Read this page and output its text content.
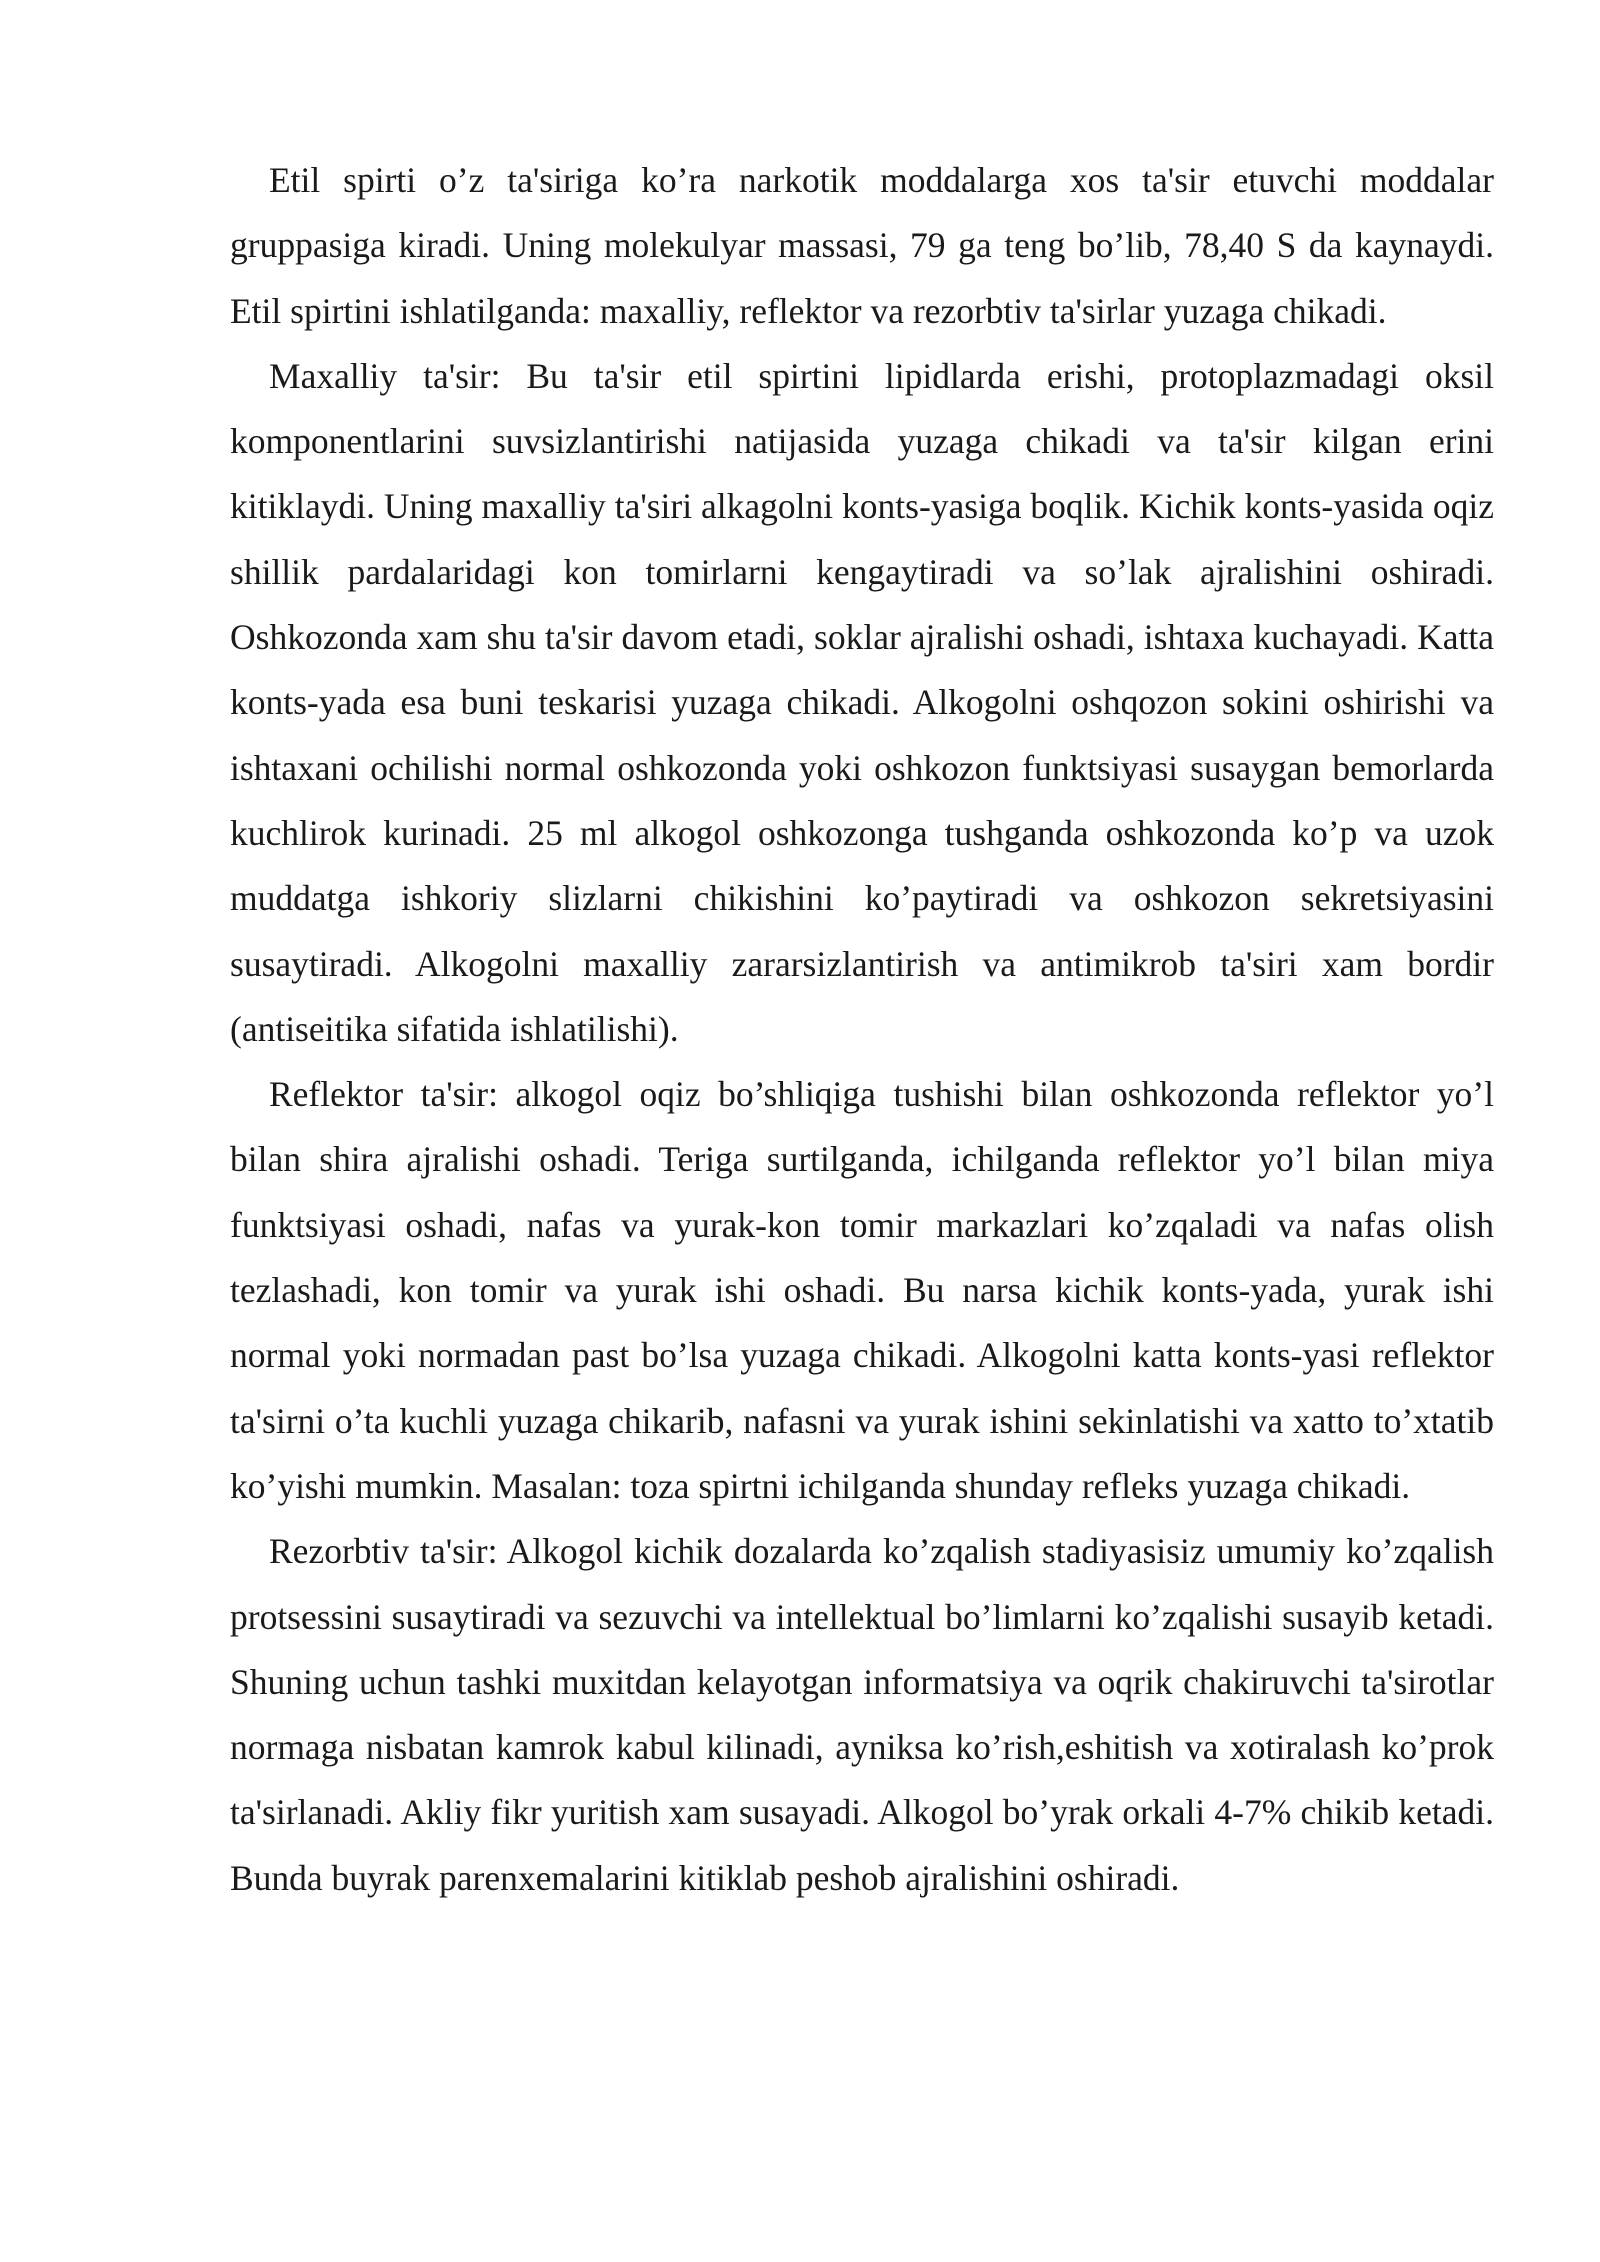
Etil spirti o’z ta'siriga ko’ra narkotik moddalarga xos ta'sir etuvchi moddalar gruppasiga kiradi. Uning molekulyar massasi, 79 ga teng bo’lib, 78,40 S da kaynaydi. Etil spirtini ishlatilganda: maxalliy, reflektor va rezorbtiv ta'sirlar yuzaga chikadi.

Maxalliy ta'sir: Bu ta'sir etil spirtini lipidlarda erishi, protoplazmadagi oksil komponentlarini suvsizlantirishi natijasida yuzaga chikadi va ta'sir kilgan erini kitiklaydi. Uning maxalliy ta'siri alkagolni konts-yasiga boqlik. Kichik konts-yasida oqiz shillik pardalaridagi kon tomirlarni kengaytiradi va so’lak ajralishini oshiradi. Oshkozonda xam shu ta'sir davom etadi, soklar ajralishi oshadi, ishtaxa kuchayadi. Katta konts-yada esa buni teskarisi yuzaga chikadi. Alkogolni oshqozon sokini oshirishi va ishtaxani ochilishi normal oshkozonda yoki oshkozon funktsiyasi susaygan bemorlarda kuchlirok kurinadi. 25 ml alkogol oshkozonga tushganda oshkozonda ko’p va uzok muddatga ishkoriy slizlarni chikishini ko’paytiradi va oshkozon sekretsiyasini susaytiradi. Alkogolni maxalliy zararsizlantirish va antimikrob ta'siri xam bordir (antiseitika sifatida ishlatilishi).

Reflektor ta'sir: alkogol oqiz bo’shliqiga tushishi bilan oshkozonda reflektor yo’l bilan shira ajralishi oshadi. Teriga surtilganda, ichilganda reflektor yo’l bilan miya funktsiyasi oshadi, nafas va yurak-kon tomir markazlari ko’zqaladi va nafas olish tezlashadi, kon tomir va yurak ishi oshadi. Bu narsa kichik konts-yada, yurak ishi normal yoki normadan past bo’lsa yuzaga chikadi. Alkogolni katta konts-yasi reflektor ta'sirni o’ta kuchli yuzaga chikarib, nafasni va yurak ishini sekinlatishi va xatto to’xtatib ko’yishi mumkin. Masalan: toza spirtni ichilganda shunday refleks yuzaga chikadi.

Rezorbtiv ta'sir: Alkogol kichik dozalarda ko’zqalish stadiyasisiz umumiy ko’zqalish protsessini susaytiradi va sezuvchi va intellektual bo’limlarni ko’zqalishi susayib ketadi. Shuning uchun tashki muxitdan kelayotgan informatsiya va oqrik chakiruvchi ta'sirotlar normaga nisbatan kamrok kabul kilinadi, ayniksa ko’rish,eshitish va xotiralash ko’prok ta'sirlanadi. Akliy fikr yuritish xam susayadi. Alkogol bo’yrak orkali 4-7% chikib ketadi. Bunda buyrak parenxemalarini kitiklab peshob ajralishini oshiradi.
